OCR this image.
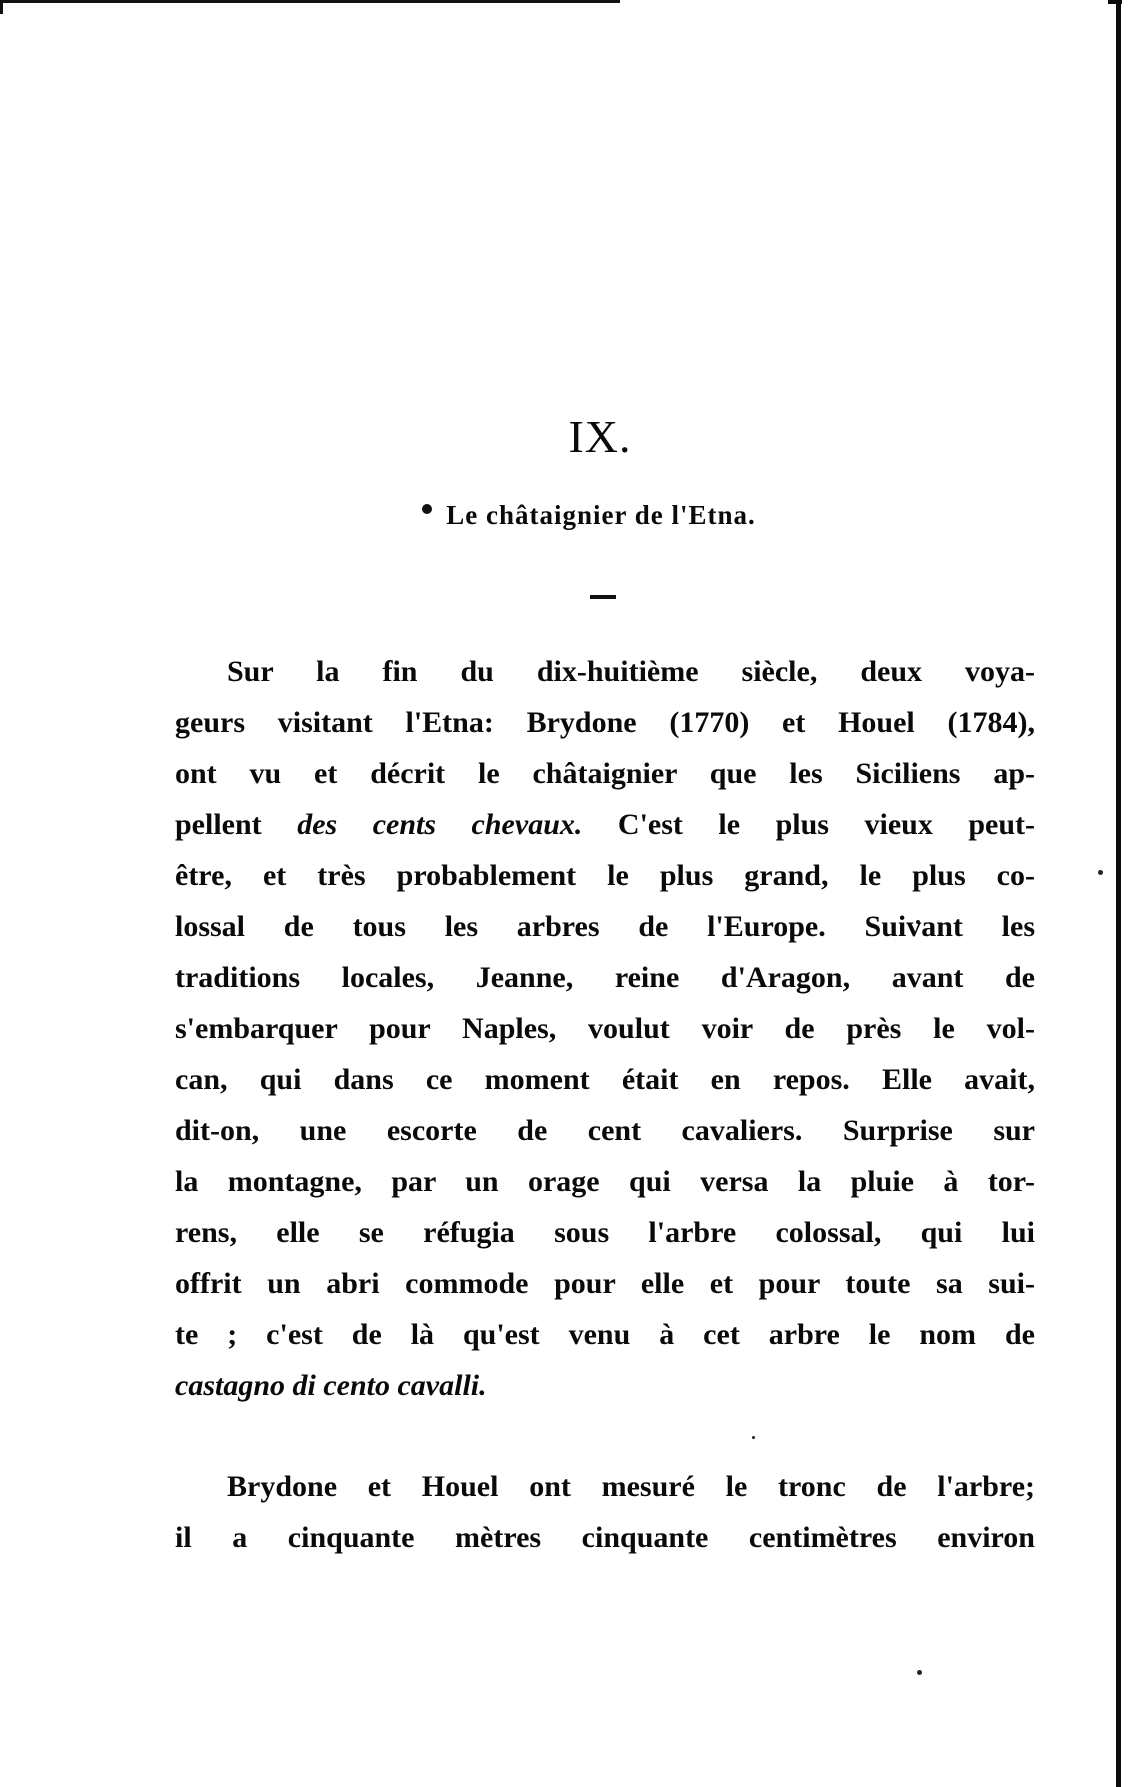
IX.
Le châtaignier de l'Etna.
Sur la fin du dix-huitième siècle, deux voya-
geurs visitant l'Etna: Brydone (1770) et Houel (1784),
ont vu et décrit le châtaignier que les Siciliens ap-
pellent des cents chevaux. C'est le plus vieux peut-
être, et très probablement le plus grand, le plus co-
lossal de tous les arbres de l'Europe. Suivant les
traditions locales, Jeanne, reine d'Aragon, avant de
s'embarquer pour Naples, voulut voir de près le vol-
can, qui dans ce moment était en repos. Elle avait,
dit-on, une escorte de cent cavaliers. Surprise sur
la montagne, par un orage qui versa la pluie à tor-
rens, elle se réfugia sous l'arbre colossal, qui lui
offrit un abri commode pour elle et pour toute sa sui-
te ; c'est de là qu'est venu à cet arbre le nom de
castagno di cento cavalli.
Brydone et Houel ont mesuré le tronc de l'arbre;
il a cinquante mètres cinquante centimètres environ
